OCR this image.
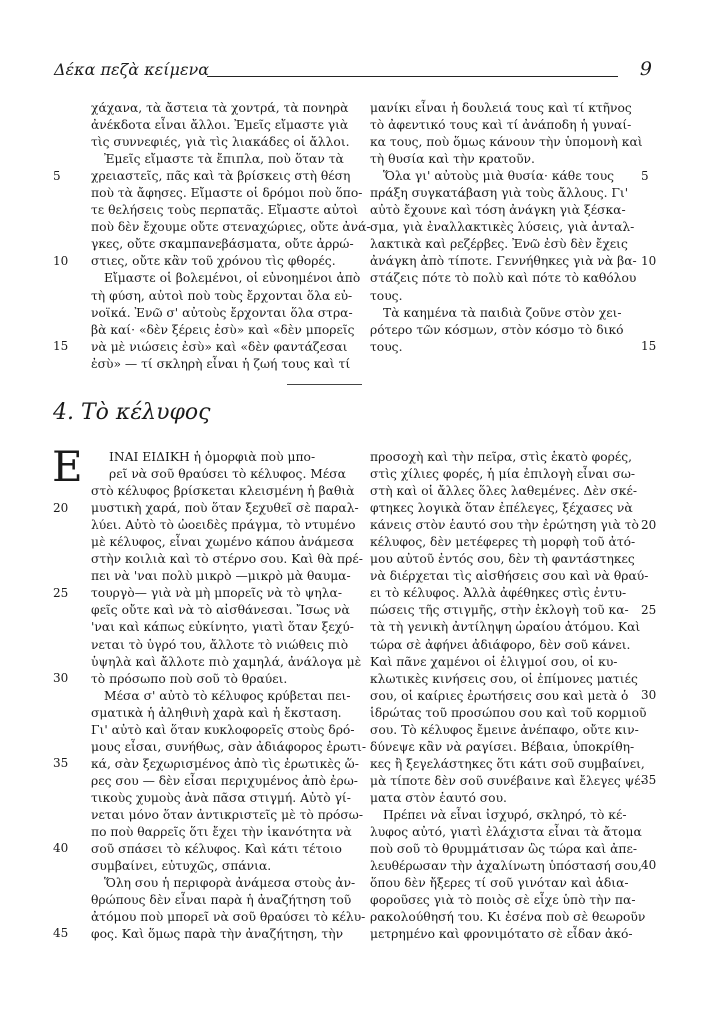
Δέκα πεζὰ κείμενα	9
χάχανα, τὰ ἄστεια τὰ χοντρά, τὰ πονηρὰ
ἀνέκδοτα εἶναι ἄλλοι. Ἐμεῖς εἴμαστε γιὰ
τὶς συννεφιές, γιὰ τὶς λιακάδες οἱ ἄλλοι.
Ἐμεῖς εἴμαστε τὰ ἔπιπλα, ποὺ ὅταν τὰ
χρειαστεῖς, πᾶς καὶ τὰ βρίσκεις στὴ θέση
ποὺ τὰ ἄφησες. Εἴμαστε οἱ δρόμοι ποὺ ὅπο-
τε θελήσεις τοὺς περπατᾶς. Εἴμαστε αὐτοὶ
ποὺ δὲν ἔχουμε οὔτε στεναχώριες, οὔτε ἀνά-
γκες, οὔτε σκαμπανεβάσματα, οὔτε ἀρρώ-
στιες, οὔτε κἂν τοῦ χρόνου τὶς φθορές.
Εἴμαστε οἱ βολεμένοι, οἱ εὐνοημένοι ἀπὸ
τὴ φύση, αὐτοὶ ποὺ τοὺς ἔρχονται ὅλα εὐ-
νοϊκά. Ἐνῶ σ' αὐτοὺς ἔρχονται ὅλα στρα-
βὰ καί· «δὲν ξέρεις ἐσὺ» καὶ «δὲν μπορεῖς
νὰ μὲ νιώσεις ἐσὺ» καὶ «δὲν φαντάζεσαι
ἐσὺ» — τί σκληρὴ εἶναι ἡ ζωή τους καὶ τί
μανίκι εἶναι ἡ δουλειά τους καὶ τί κτῆνος
τὸ ἀφεντικό τους καὶ τί ἀνάποδη ἡ γυναί-
κα τους, ποὺ ὅμως κάνουν τὴν ὑπομονὴ καὶ
τὴ θυσία καὶ τὴν κρατοῦν.
Ὅλα γι' αὐτοὺς μιὰ θυσία· κάθε τους
πράξη συγκατάβαση γιὰ τοὺς ἄλλους. Γι'
αὐτὸ ἔχουνε καὶ τόση ἀνάγκη γιὰ ξέσκα-
σμα, γιὰ ἐναλλακτικὲς λύσεις, γιὰ ἀνταλ-
λακτικὰ καὶ ρεζέρβες. Ἐνῶ ἐσὺ δὲν ἔχεις
ἀνάγκη ἀπὸ τίποτε. Γεννήθηκες γιὰ νὰ βα-
στάζεις πότε τὸ πολὺ καὶ πότε τὸ καθόλου
τους.
Τὰ καημένα τὰ παιδιὰ ζοῦνε στὸν χει-
ρότερο τῶν κόσμων, στὸν κόσμο τὸ δικό
τους.
5	5
10	10
15	15
4. Τὸ κέλυφος
Ε	ΙΝΑΙ ΕΙΔΙΚΗ ἡ ὁμορφιὰ ποὺ μπο-
ρεῖ νὰ σοῦ θραύσει τὸ κέλυφος. Μέσα
στὸ κέλυφος βρίσκεται κλεισμένη ἡ βαθιὰ
μυστικὴ χαρά, ποὺ ὅταν ξεχυθεῖ σὲ παραλ-
λύει. Αὐτὸ τὸ ὠοειδὲς πράγμα, τὸ ντυμένο
μὲ κέλυφος, εἶναι χωμένο κάπου ἀνάμεσα
στὴν κοιλιὰ καὶ τὸ στέρνο σου. Καὶ θὰ πρέ-
πει νὰ 'ναι πολὺ μικρὸ —μικρὸ μὰ θαυμα-
τουργὸ— γιὰ νὰ μὴ μπορεῖς νὰ τὸ ψηλα-
φεῖς οὔτε καὶ νὰ τὸ αἰσθάνεσαι. Ἴσως νὰ
'ναι καὶ κάπως εὐκίνητο, γιατὶ ὅταν ξεχύ-
νεται τὸ ὑγρό του, ἄλλοτε τὸ νιώθεις πιὸ
ὑψηλὰ καὶ ἄλλοτε πιὸ χαμηλά, ἀνάλογα μὲ
τὸ πρόσωπο ποὺ σοῦ τὸ θραύει.
Μέσα σ' αὐτὸ τὸ κέλυφος κρύβεται πει-
σματικὰ ἡ ἀληθινὴ χαρὰ καὶ ἡ ἔκσταση.
Γι' αὐτὸ καὶ ὅταν κυκλοφορεῖς στοὺς δρό-
μους εἶσαι, συνήθως, σὰν ἀδιάφορος ἐρωτι-
κά, σὰν ξεχωρισμένος ἀπὸ τὶς ἐρωτικὲς ὥ-
ρες σου — δὲν εἶσαι περιχυμένος ἀπὸ ἐρω-
τικοὺς χυμοὺς ἀνὰ πᾶσα στιγμή. Αὐτὸ γί-
νεται μόνο ὅταν ἀντικριστεῖς μὲ τὸ πρόσω-
πο ποὺ θαρρεῖς ὅτι ἔχει τὴν ἱκανότητα νὰ
σοῦ σπάσει τὸ κέλυφος. Καὶ κάτι τέτοιο
συμβαίνει, εὐτυχῶς, σπάνια.
Ὅλη σου ἡ περιφορὰ ἀνάμεσα στοὺς ἀν-
θρώπους δὲν εἶναι παρὰ ἡ ἀναζήτηση τοῦ
ἀτόμου ποὺ μπορεῖ νὰ σοῦ θραύσει τὸ κέλυ-
φος. Καὶ ὅμως παρὰ τὴν ἀναζήτηση, τὴν
προσοχὴ καὶ τὴν πεῖρα, στὶς ἑκατὸ φορές,
στὶς χίλιες φορές, ἡ μία ἐπιλογὴ εἶναι σω-
στὴ καὶ οἱ ἄλλες ὅλες λαθεμένες. Δὲν σκέ-
φτηκες λογικὰ ὅταν ἐπέλεγες, ξέχασες νὰ
κάνεις στὸν ἑαυτό σου τὴν ἐρώτηση γιὰ τὸ
κέλυφος, δὲν μετέφερες τὴ μορφὴ τοῦ ἀτό-
μου αὐτοῦ ἐντός σου, δὲν τὴ φαντάστηκες
νὰ διέρχεται τὶς αἰσθήσεις σου καὶ νὰ θραύ-
ει τὸ κέλυφος. Ἀλλὰ ἀφέθηκες στὶς ἐντυ-
πώσεις τῆς στιγμῆς, στὴν ἐκλογὴ τοῦ κα-
τὰ τὴ γενικὴ ἀντίληψη ὡραίου ἀτόμου. Καὶ
τώρα σὲ ἀφήνει ἀδιάφορο, δὲν σοῦ κάνει.
Καὶ πᾶνε χαμένοι οἱ ἑλιγμοί σου, οἱ κυ-
κλωτικὲς κινήσεις σου, οἱ ἐπίμονες ματιές
σου, οἱ καίριες ἐρωτήσεις σου καὶ μετὰ ὁ
ἱδρώτας τοῦ προσώπου σου καὶ τοῦ κορμιοῦ
σου. Τὸ κέλυφος ἔμεινε ἀνέπαφο, οὔτε κιν-
δύνεψε κἂν νὰ ραγίσει. Βέβαια, ὑποκρίθη-
κες ἢ ξεγελάστηκες ὅτι κάτι σοῦ συμβαίνει,
μὰ τίποτε δὲν σοῦ συνέβαινε καὶ ἔλεγες ψέ-
ματα στὸν ἑαυτό σου.
Πρέπει νὰ εἶναι ἰσχυρό, σκληρό, τὸ κέ-
λυφος αὐτό, γιατὶ ἐλάχιστα εἶναι τὰ ἄτομα
ποὺ σοῦ τὸ θρυμμάτισαν ὣς τώρα καὶ ἀπε-
λευθέρωσαν τὴν ἀχαλίνωτη ὑπόστασή σου,
ὅπου δὲν ἤξερες τί σοῦ γινόταν καὶ ἀδια-
φοροῦσες γιὰ τὸ ποιὸς σὲ εἶχε ὑπὸ τὴν πα-
ρακολούθησή του. Κι ἐσένα ποὺ σὲ θεωροῦν
μετρημένο καὶ φρονιμότατο σὲ εἶδαν ἀκό-
20
20
25
25
30
30
35
35
40
40
45
